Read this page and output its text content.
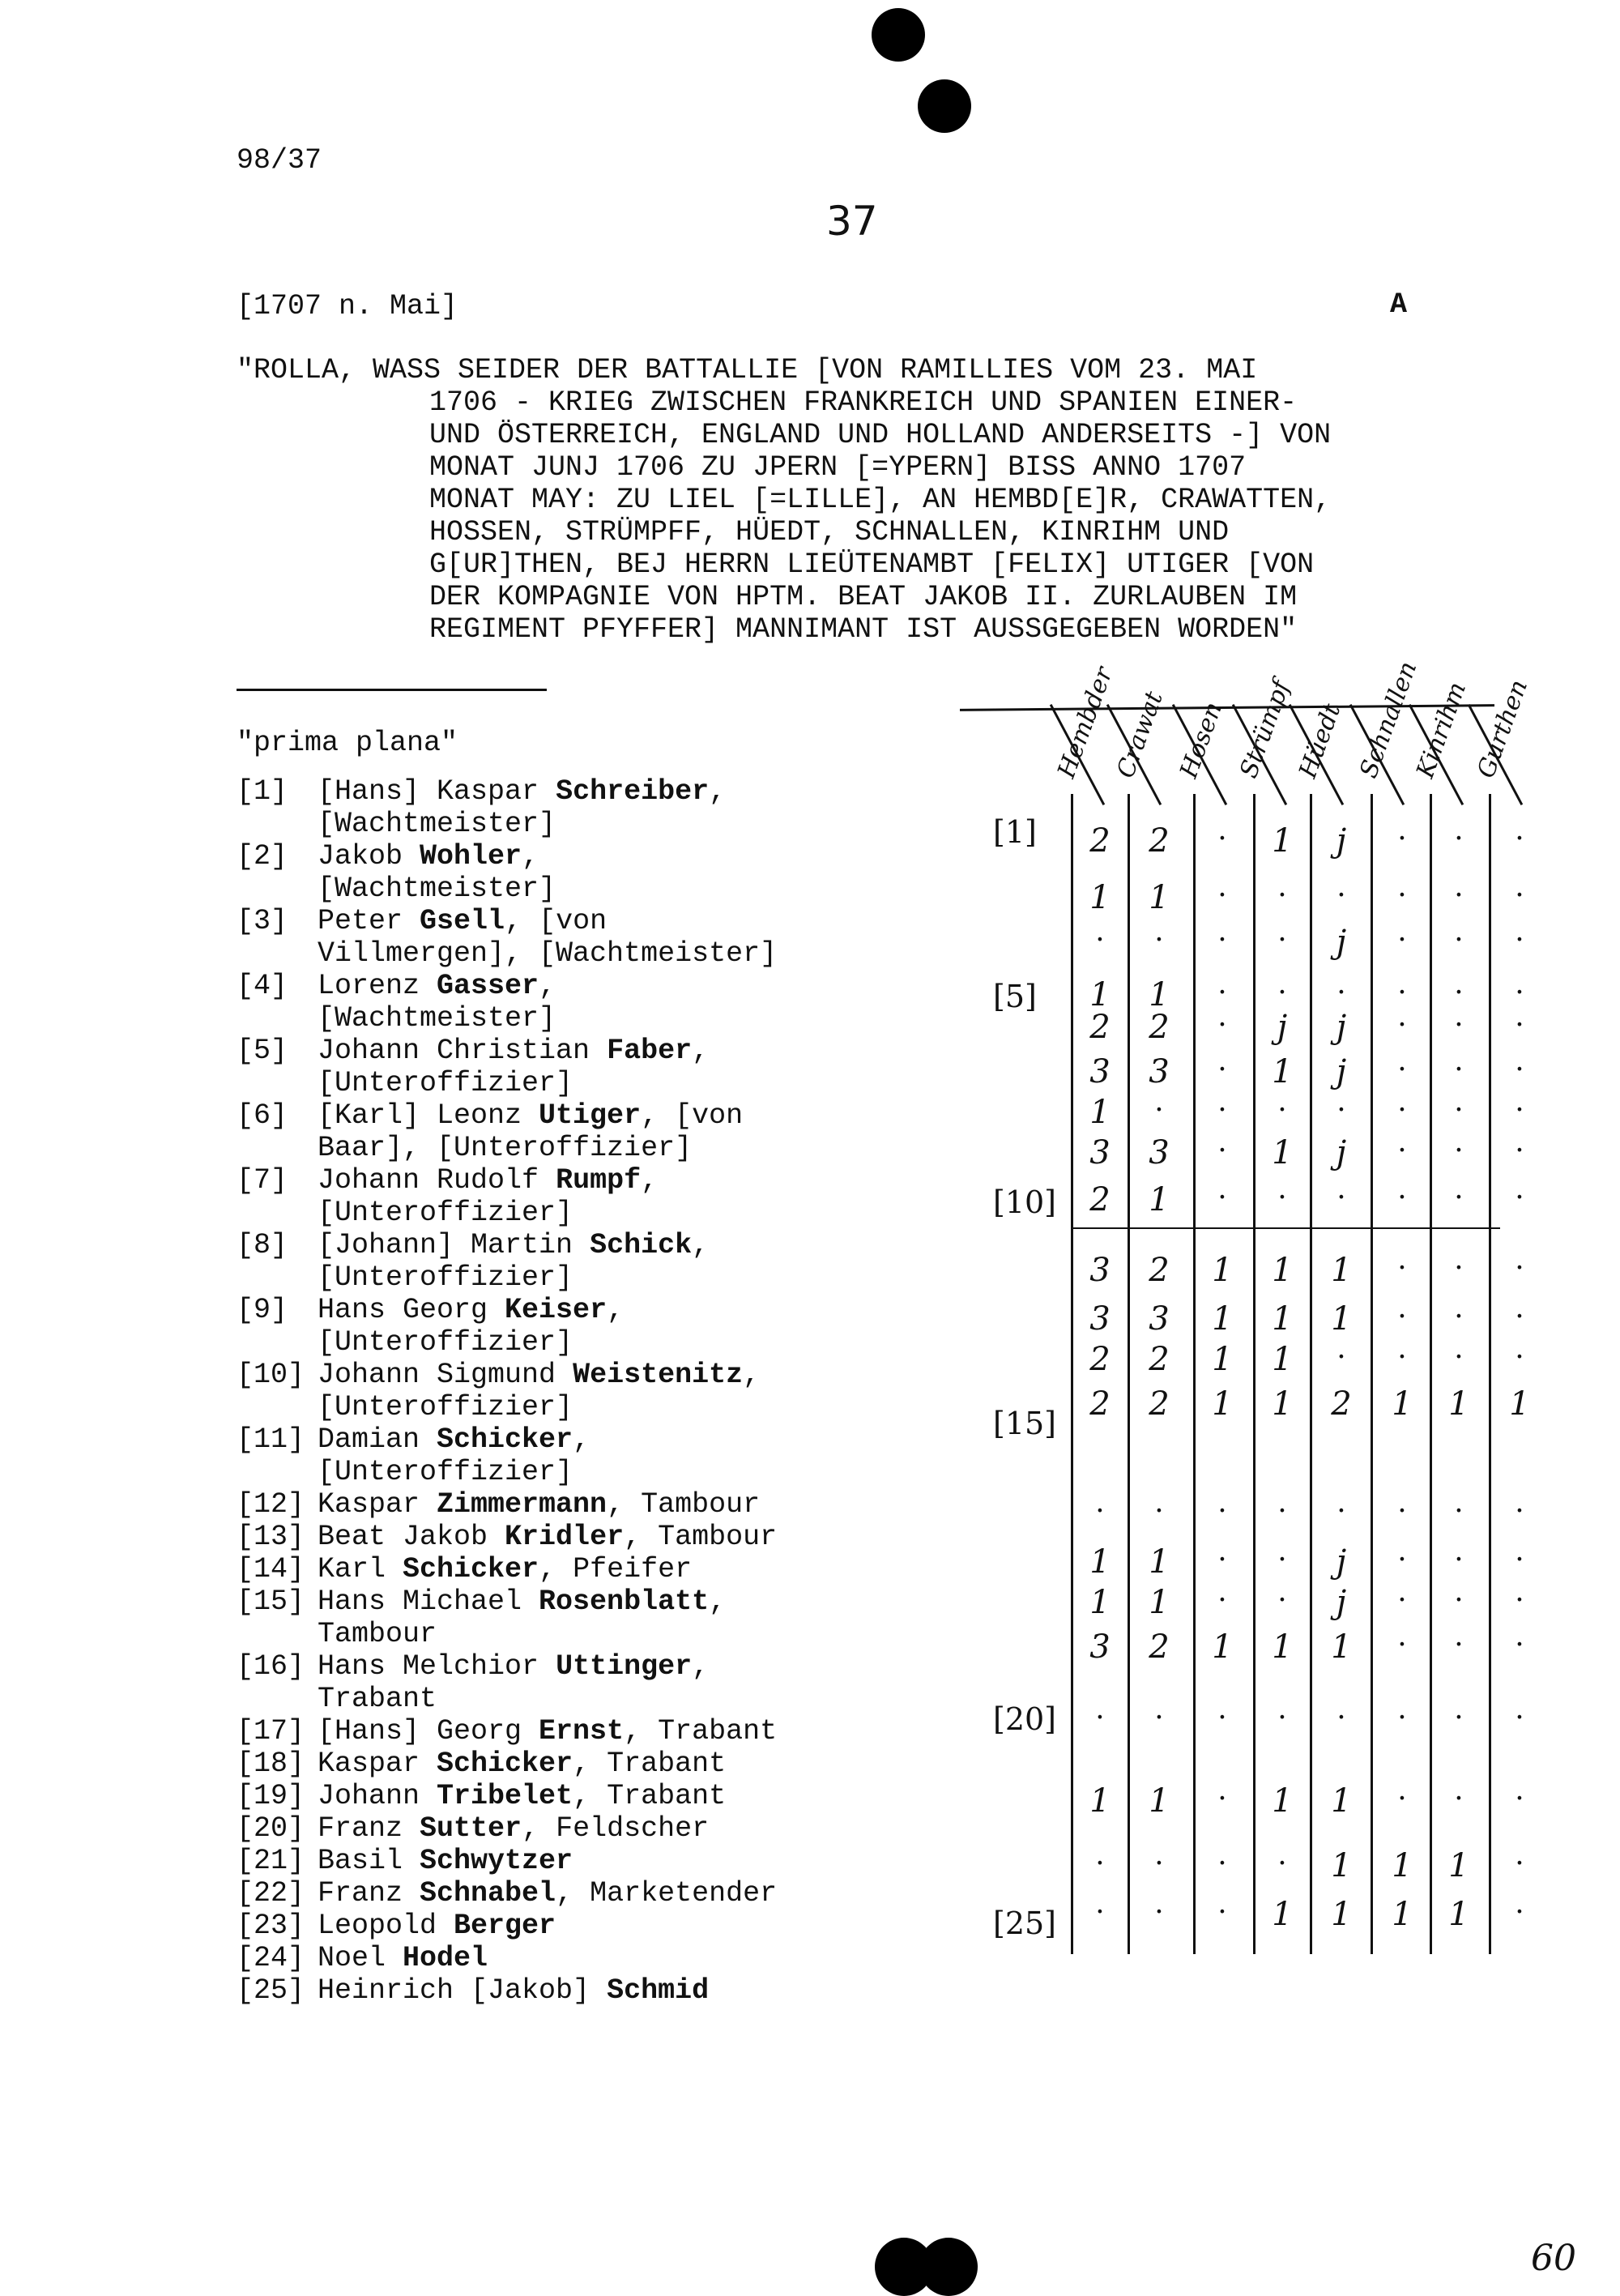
98/37
37
[1707 n. Mai]	A
"ROLLA, WASS SEIDER DER BATTALLIE [VON RAMILLIES VOM 23. MAI
1706 - KRIEG ZWISCHEN FRANKREICH UND SPANIEN EINER-
UND ÖSTERREICH, ENGLAND UND HOLLAND ANDERSEITS -] VON
MONAT JUNJ 1706 ZU JPERN [=YPERN] BISS ANNO 1707
MONAT MAY: ZU LIEL [=LILLE], AN HEMBD[E]R, CRAWATTEN,
HOSSEN, STRÜMPFF, HÜEDT, SCHNALLEN, KINRIHM UND
G[UR]THEN, BEJ HERRN LIEÜTENAMBT [FELIX] UTIGER [VON
DER KOMPAGNIE VON HPTM. BEAT JAKOB II. ZURLAUBEN IM
REGIMENT PFYFFER] MANNIMANT IST AUSSGEGEBEN WORDEN"
"prima plana"
[1] [Hans] Kaspar Schreiber,
[Wachtmeister]
[2] Jakob Wohler,
[Wachtmeister]
[3] Peter Gsell, [von
Villmergen], [Wachtmeister]
[4] Lorenz Gasser,
[Wachtmeister]
[5] Johann Christian Faber,
[Unteroffizier]
[6] [Karl] Leonz Utiger, [von
Baar], [Unteroffizier]
[7] Johann Rudolf Rumpf,
[Unteroffizier]
[8] [Johann] Martin Schick,
[Unteroffizier]
[9] Hans Georg Keiser,
[Unteroffizier]
[10] Johann Sigmund Weistenitz,
[Unteroffizier]
[11] Damian Schicker,
[Unteroffizier]
[12] Kaspar Zimmermann, Tambour
[13] Beat Jakob Kridler, Tambour
[14] Karl Schicker, Pfeifer
[15] Hans Michael Rosenblatt,
Tambour
[16] Hans Melchior Uttinger,
Trabant
[17] [Hans] Georg Ernst, Trabant
[18] Kaspar Schicker, Trabant
[19] Johann Tribelet, Trabant
[20] Franz Sutter, Feldscher
[21] Basil Schwytzer
[22] Franz Schnabel, Marketender
[23] Leopold Berger
[24] Noel Hodel
[25] Heinrich [Jakob] Schmid
Hembder
Crawat Hosen Strümpf
Hüedt Schnallen
Kinrihm Gurthen
[1]
[5]
[10]
[15]
[20]
[25]
2 2 · 1 j · · ·
1 1 · · · · · ·
· · · · j · · ·
1 1 · · · · · ·
2 2 · j j · · ·
3 3 · 1 j · · ·
1 · · · · · · ·
3 3 · 1 j · · ·
2 1 · · · · · ·
3 2 1 1 1 · · ·
3 3 1 1 1 · · ·
2 2 1 1 · · · ·
2 2 1 1 2 1 1 1
· · · · · · · ·
1 1 · · j · · ·
1 1 · · j · · ·
3 2 1 1 1 · · ·
· · · · · · · ·
1 1 · 1 1 · · ·
· · · · 1 1 1 ·
· · · 1 1 1 1 ·
60
